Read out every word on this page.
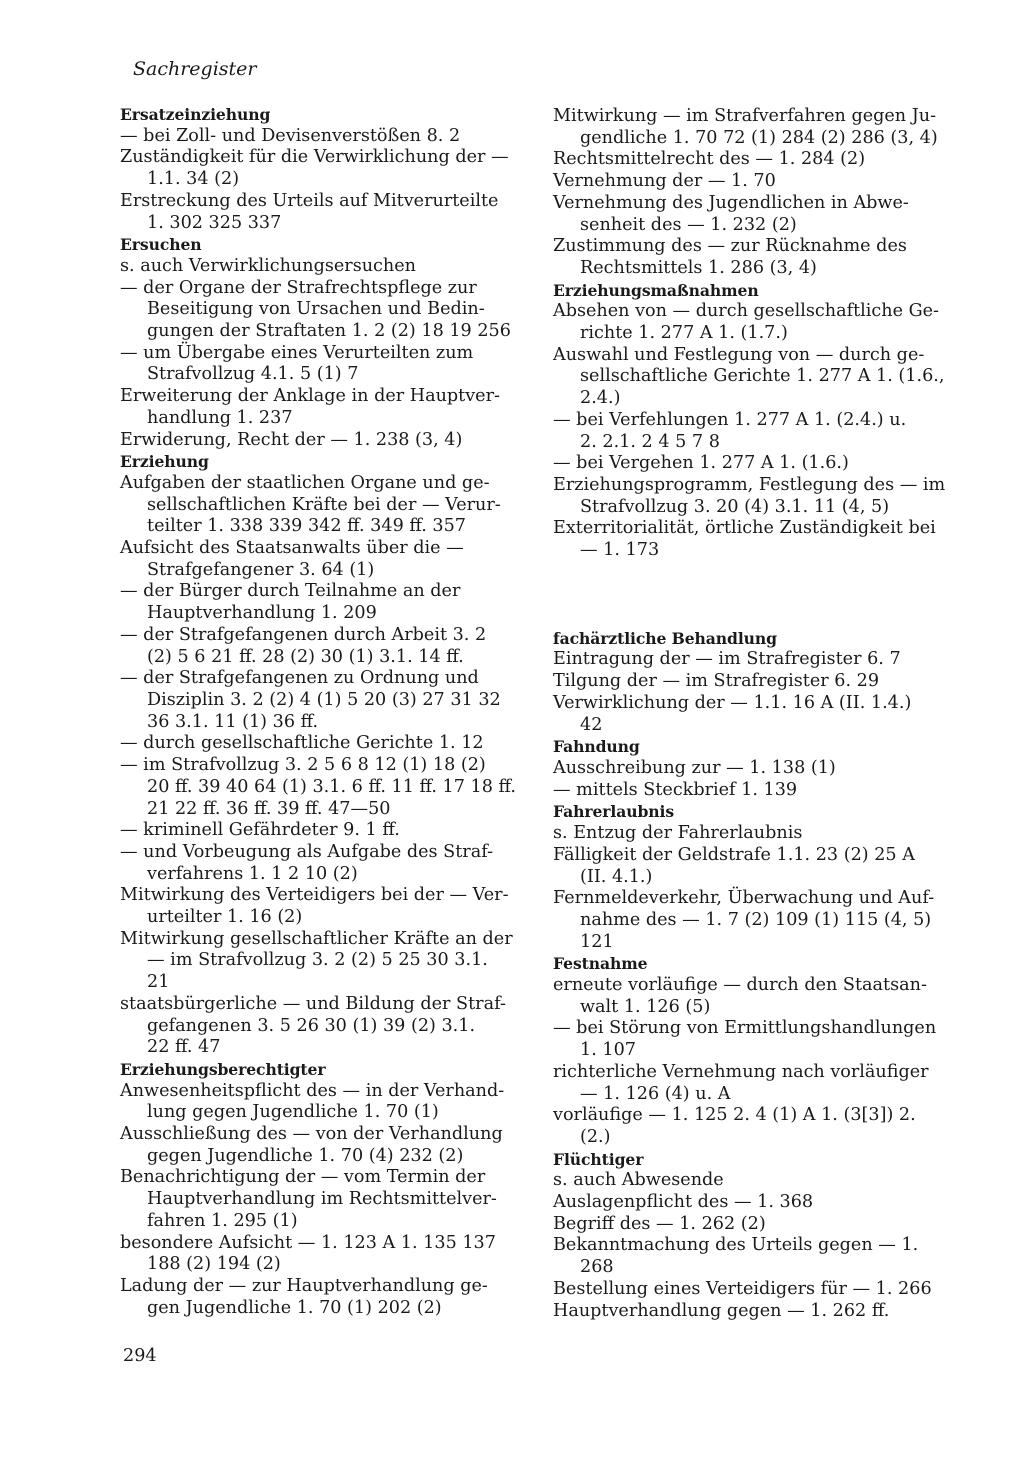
Sachregister
Ersatzeinziehung
— bei Zoll- und Devisenverstößen 8. 2
Zuständigkeit für die Verwirklichung der —
1.1. 34 (2)
Erstreckung des Urteils auf Mitverurteilte
1. 302 325 337
Ersuchen
s. auch Verwirklichungsersuchen
— der Organe der Strafrechtspflege zur
Beseitigung von Ursachen und Bedin-
gungen der Straftaten 1. 2 (2) 18 19 256
— um Übergabe eines Verurteilten zum
Strafvollzug 4.1. 5 (1) 7
Erweiterung der Anklage in der Hauptver-
handlung 1. 237
Erwiderung, Recht der — 1. 238 (3, 4)
Erziehung
Aufgaben der staatlichen Organe und ge-
sellschaftlichen Kräfte bei der — Verur-
teilter 1. 338 339 342 ff. 349 ff. 357
Aufsicht des Staatsanwalts über die —
Strafgefangener 3. 64 (1)
— der Bürger durch Teilnahme an der
Hauptverhandlung 1. 209
— der Strafgefangenen durch Arbeit 3. 2
(2) 5 6 21 ff. 28 (2) 30 (1) 3.1. 14 ff.
— der Strafgefangenen zu Ordnung und
Disziplin 3. 2 (2) 4 (1) 5 20 (3) 27 31 32
36 3.1. 11 (1) 36 ff.
— durch gesellschaftliche Gerichte 1. 12
— im Strafvollzug 3. 2 5 6 8 12 (1) 18 (2)
20 ff. 39 40 64 (1) 3.1. 6 ff. 11 ff. 17 18 ff.
21 22 ff. 36 ff. 39 ff. 47—50
— kriminell Gefährdeter 9. 1 ff.
— und Vorbeugung als Aufgabe des Straf-
verfahrens 1. 1 2 10 (2)
Mitwirkung des Verteidigers bei der — Ver-
urteilter 1. 16 (2)
Mitwirkung gesellschaftlicher Kräfte an der
— im Strafvollzug 3. 2 (2) 5 25 30 3.1.
21
staatsbürgerliche — und Bildung der Straf-
gefangenen 3. 5 26 30 (1) 39 (2) 3.1.
22 ff. 47
Erziehungsberechtigter
Anwesenheitspflicht des — in der Verhand-
lung gegen Jugendliche 1. 70 (1)
Ausschließung des — von der Verhandlung
gegen Jugendliche 1. 70 (4) 232 (2)
Benachrichtigung der — vom Termin der
Hauptverhandlung im Rechtsmittelver-
fahren 1. 295 (1)
besondere Aufsicht — 1. 123 A 1. 135 137
188 (2) 194 (2)
Ladung der — zur Hauptverhandlung ge-
gen Jugendliche 1. 70 (1) 202 (2)
Mitwirkung — im Strafverfahren gegen Ju-
gendliche 1. 70 72 (1) 284 (2) 286 (3, 4)
Rechtsmittelrecht des — 1. 284 (2)
Vernehmung der — 1. 70
Vernehmung des Jugendlichen in Abwe-
senheit des — 1. 232 (2)
Zustimmung des — zur Rücknahme des
Rechtsmittels 1. 286 (3, 4)
Erziehungsmaßnahmen
Absehen von — durch gesellschaftliche Ge-
richte 1. 277 A 1. (1.7.)
Auswahl und Festlegung von — durch ge-
sellschaftliche Gerichte 1. 277 A 1. (1.6.,
2.4.)
— bei Verfehlungen 1. 277 A 1. (2.4.) u.
2. 2.1. 2 4 5 7 8
— bei Vergehen 1. 277 A 1. (1.6.)
Erziehungsprogramm, Festlegung des — im
Strafvollzug 3. 20 (4) 3.1. 11 (4, 5)
Exterritorialität, örtliche Zuständigkeit bei
— 1. 173
fachärztliche Behandlung
Eintragung der — im Strafregister 6. 7
Tilgung der — im Strafregister 6. 29
Verwirklichung der — 1.1. 16 A (II. 1.4.)
42
Fahndung
Ausschreibung zur — 1. 138 (1)
— mittels Steckbrief 1. 139
Fahrerlaubnis
s. Entzug der Fahrerlaubnis
Fälligkeit der Geldstrafe 1.1. 23 (2) 25 A
(II. 4.1.)
Fernmeldeverkehr, Überwachung und Auf-
nahme des — 1. 7 (2) 109 (1) 115 (4, 5)
121
Festnahme
erneute vorläufige — durch den Staatsan-
walt 1. 126 (5)
— bei Störung von Ermittlungshandlungen
1. 107
richterliche Vernehmung nach vorläufiger
— 1. 126 (4) u. A
vorläufige — 1. 125 2. 4 (1) A 1. (3[3]) 2.
(2.)
Flüchtiger
s. auch Abwesende
Auslagenpflicht des — 1. 368
Begriff des — 1. 262 (2)
Bekanntmachung des Urteils gegen — 1.
268
Bestellung eines Verteidigers für — 1. 266
Hauptverhandlung gegen — 1. 262 ff.
294
